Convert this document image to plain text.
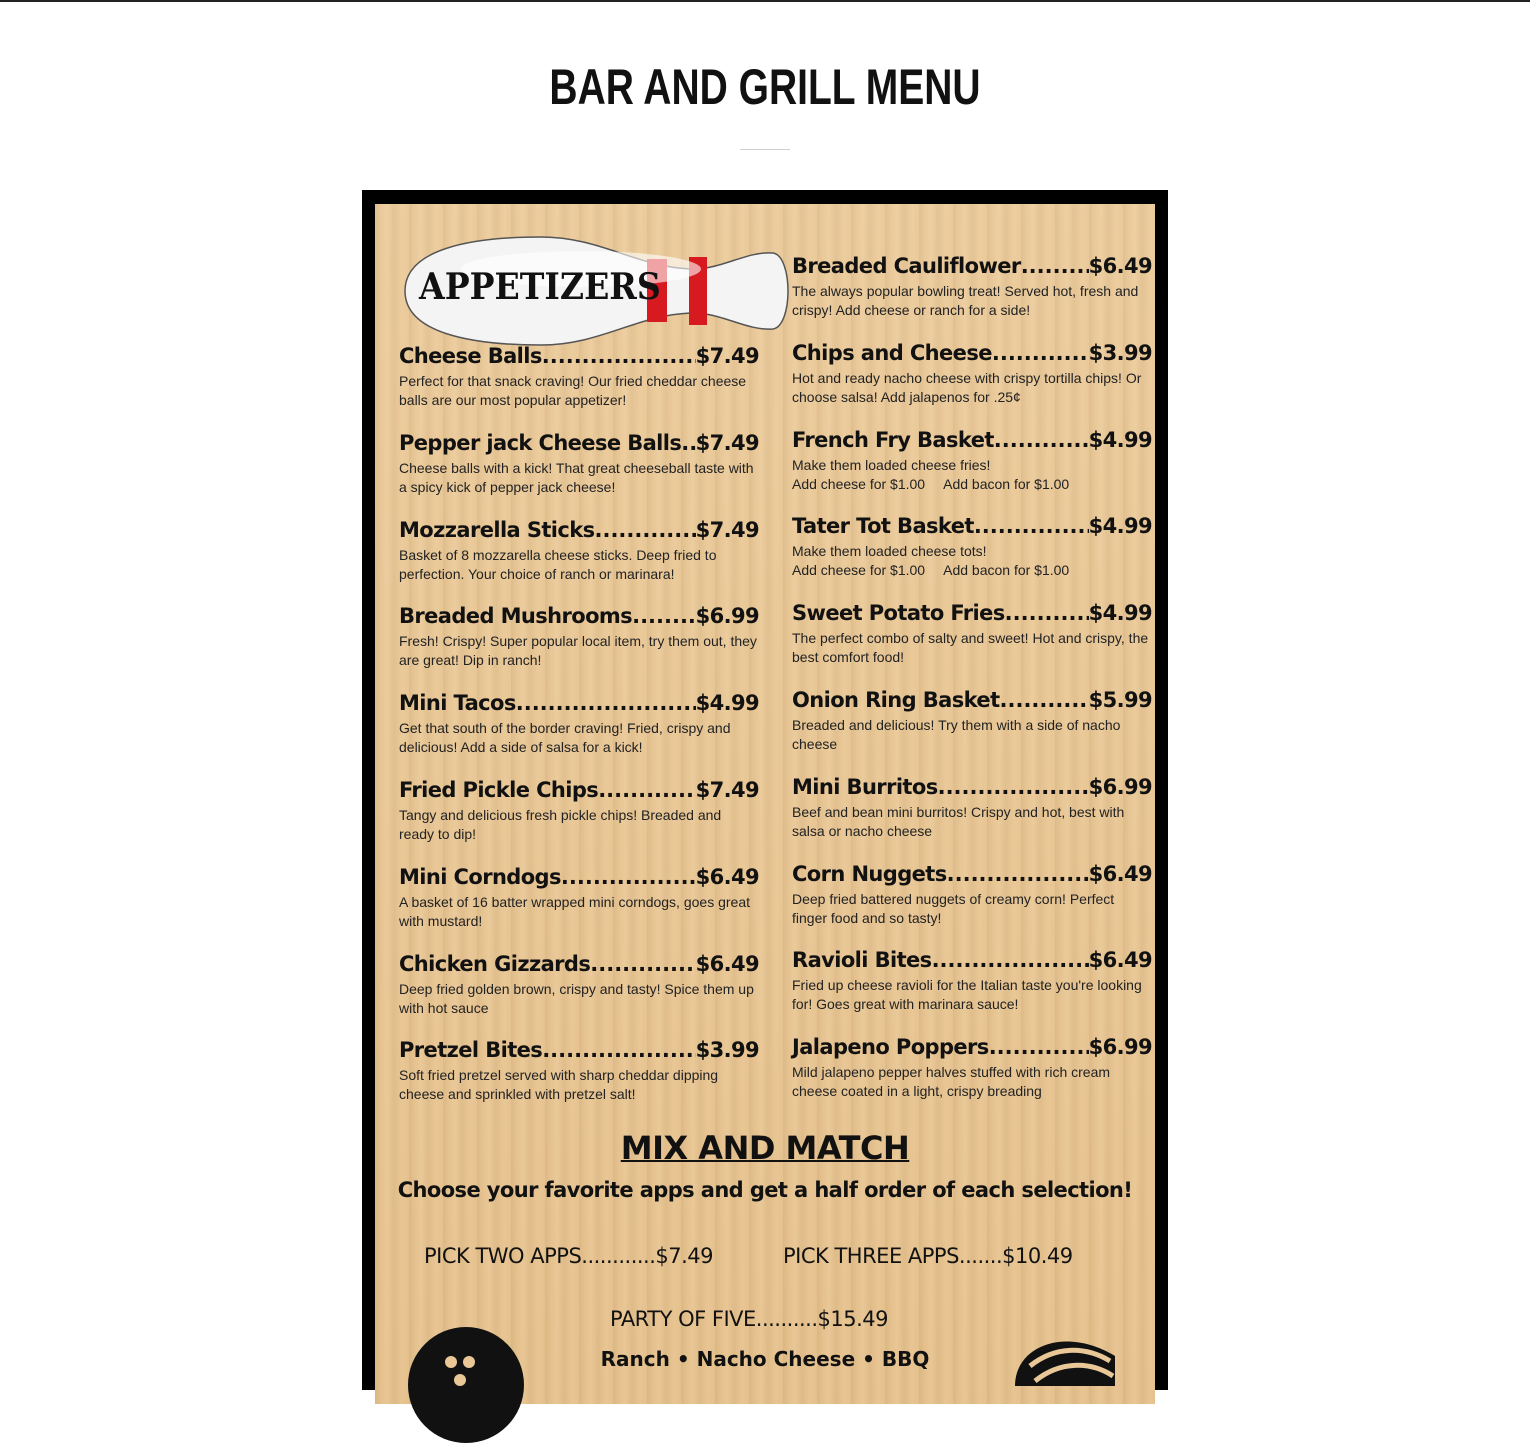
BAR AND GRILL MENU
APPETIZERS
Cheese Balls .....	$7.49
Perfect for that snack craving! Our fried cheddar cheese balls are our most popular appetizer!
Pepper jack Cheese Balls ..... $7.49
Cheese balls with a kick! That great cheeseball taste with a spicy kick of pepper jack cheese!
Mozzarella Sticks .....	$7.49
Basket of 8 mozzarella cheese sticks. Deep fried to perfection. Your choice of ranch or marinara!
Breaded Mushrooms .....	$6.99
Fresh! Crispy! Super popular local item, try them out, they are great! Dip in ranch!
Mini Tacos .....	$4.99
Get that south of the border craving! Fried, crispy and delicious! Add a side of salsa for a kick!
Fried Pickle Chips .....	$7.49
Tangy and delicious fresh pickle chips! Breaded and ready to dip!
Mini Corndogs .....	$6.49
A basket of 16 batter wrapped mini corndogs, goes great with mustard!
Chicken Gizzards .....	$6.49
Deep fried golden brown, crispy and tasty! Spice them up with hot sauce
Pretzel Bites .....	$3.99
Soft fried pretzel served with sharp cheddar dipping cheese and sprinkled with pretzel salt!
Breaded Cauliflower .....	$6.49
The always popular bowling treat! Served hot, fresh and crispy! Add cheese or ranch for a side!
Chips and Cheese .....	$3.99
Hot and ready nacho cheese with crispy tortilla chips! Or choose salsa! Add jalapenos for .25¢
French Fry Basket .....	$4.99
Make them loaded cheese fries!
Add cheese for $1.00 Add bacon for $1.00
Tater Tot Basket .....	$4.99
Make them loaded cheese tots!
Add cheese for $1.00 Add bacon for $1.00
Sweet Potato Fries .....	$4.99
The perfect combo of salty and sweet! Hot and crispy, the best comfort food!
Onion Ring Basket .....	$5.99
Breaded and delicious! Try them with a side of nacho cheese
Mini Burritos .....	$6.99
Beef and bean mini burritos! Crispy and hot, best with salsa or nacho cheese
Corn Nuggets .....	$6.49
Deep fried battered nuggets of creamy corn! Perfect finger food and so tasty!
Ravioli Bites .....	$6.49
Fried up cheese ravioli for the Italian taste you're looking for! Goes great with marinara sauce!
Jalapeno Poppers .....	$6.99
Mild jalapeno pepper halves stuffed with rich cream cheese coated in a light, crispy breading
MIX AND MATCH
Choose your favorite apps and get a half order of each selection!
PICK TWO APPS............$7.49	PICK THREE APPS.......$10.49
PARTY OF FIVE..........$15.49
Ranch • Nacho Cheese • BBQ
